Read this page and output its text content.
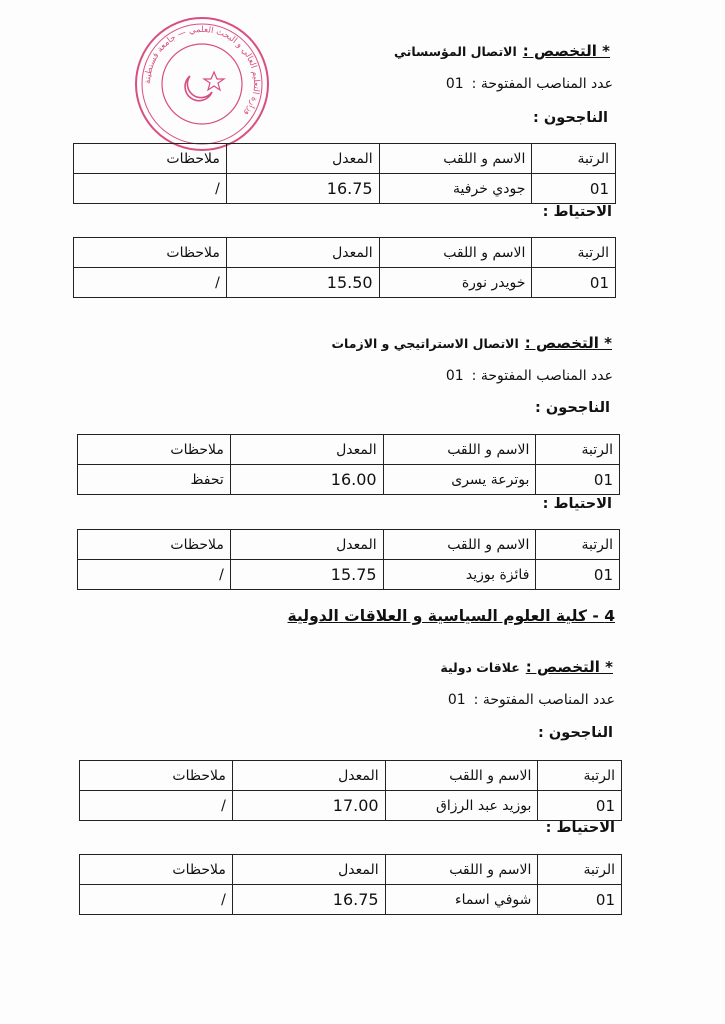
وزارة التعليم العالي و البحث العلمي — جامعة قسنطينة
* التخصص :الاتصال المؤسساتي
عدد المناصب المفتوحة :01
الناجحون :
الرتبة	الاسم و اللقب	المعدل	ملاحظات
01	جودي خرفية	16.75	/
الاحتياط :
الرتبة	الاسم و اللقب	المعدل	ملاحظات
01	خويدر نورة	15.50	/
* التخصص :الاتصال الاستراتيجي و الازمات
عدد المناصب المفتوحة :01
الناجحون :
الرتبة	الاسم و اللقب	المعدل	ملاحظات
01	بوترعة يسرى	16.00	تحفظ
الاحتياط :
الرتبة	الاسم و اللقب	المعدل	ملاحظات
01	فائزة بوزيد	15.75	/
4 - كلية العلوم السياسية و العلاقات الدولية
* التخصص :علاقات دولية
عدد المناصب المفتوحة :01
الناجحون :
الرتبة	الاسم و اللقب	المعدل	ملاحظات
01	بوزيد عبد الرزاق	17.00	/
الاحتياط :
الرتبة	الاسم و اللقب	المعدل	ملاحظات
01	شوفي اسماء	16.75	/
